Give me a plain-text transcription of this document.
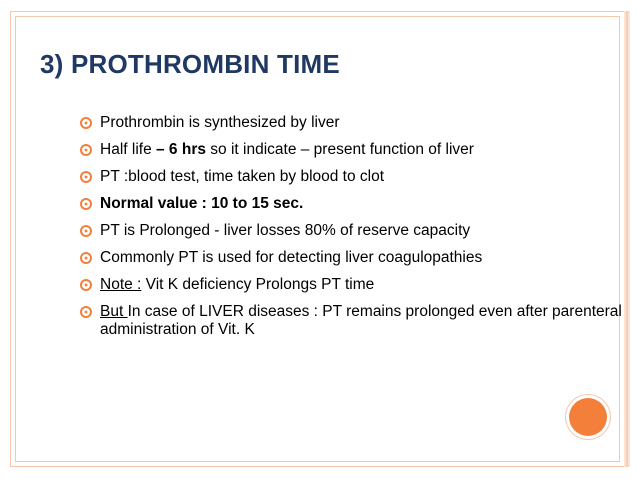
3) PROTHROMBIN TIME
Prothrombin is synthesized by liver
Half life – 6 hrs so it indicate – present function of liver
PT :blood test, time taken by blood to clot
Normal value : 10 to 15 sec.
PT is Prolonged - liver losses 80% of reserve capacity
Commonly PT is used for detecting liver coagulopathies
Note : Vit K deficiency Prolongs PT time
But In case of LIVER diseases : PT remains prolonged even after parenteral administration of Vit. K
